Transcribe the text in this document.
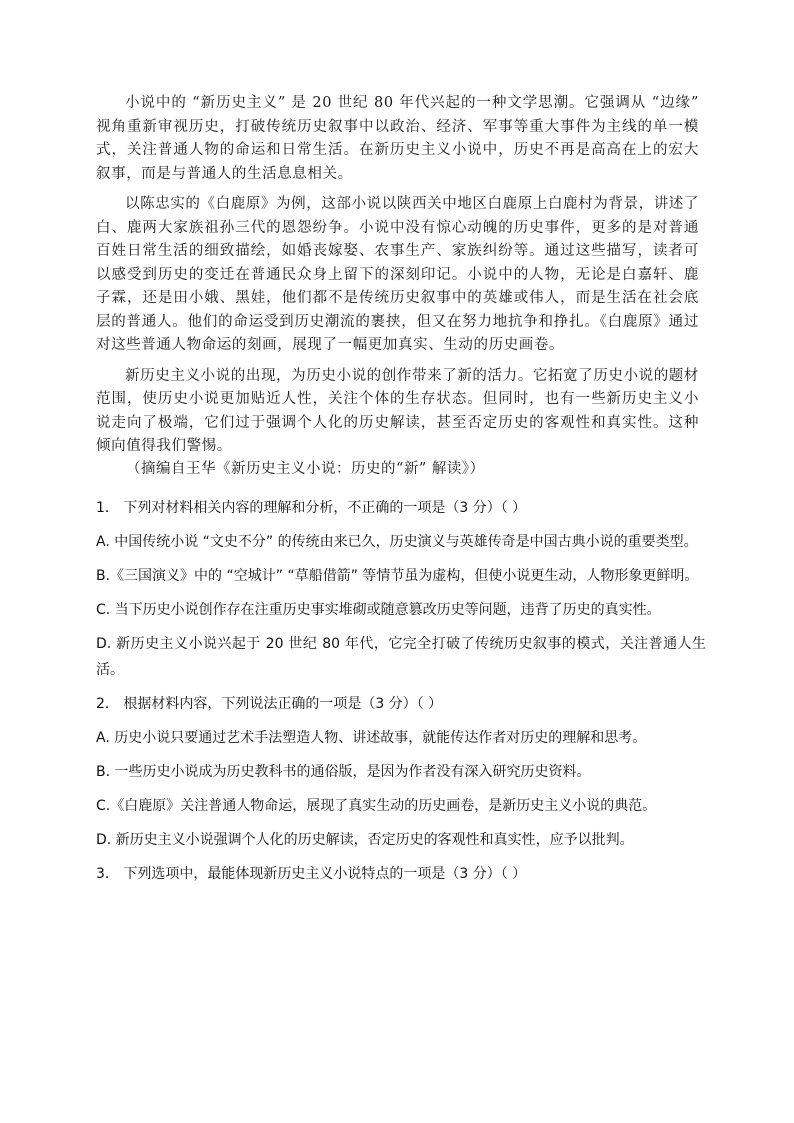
小说中的 “新历史主义” 是 20 世纪 80 年代兴起的一种文学思潮。它强调从 “边缘” 视角重新审视历史，打破传统历史叙事中以政治、经济、军事等重大事件为主线的单一模式，关注普通人物的命运和日常生活。在新历史主义小说中，历史不再是高高在上的宏大叙事，而是与普通人的生活息息相关。

以陈忠实的《白鹿原》为例，这部小说以陕西关中地区白鹿原上白鹿村为背景，讲述了白、鹿两大家族祖孙三代的恩怨纷争。小说中没有惊心动魄的历史事件，更多的是对普通百姓日常生活的细致描绘，如婚丧嫁娶、农事生产、家族纠纷等。通过这些描写，读者可以感受到历史的变迁在普通民众身上留下的深刻印记。小说中的人物，无论是白嘉轩、鹿子霖，还是田小娥、黑娃，他们都不是传统历史叙事中的英雄或伟人，而是生活在社会底层的普通人。他们的命运受到历史潮流的裹挟，但又在努力地抗争和挣扎。《白鹿原》通过对这些普通人物命运的刻画，展现了一幅更加真实、生动的历史画卷。

新历史主义小说的出现，为历史小说的创作带来了新的活力。它拓宽了历史小说的题材范围，使历史小说更加贴近人性，关注个体的生存状态。但同时，也有一些新历史主义小说走向了极端，它们过于强调个人化的历史解读，甚至否定历史的客观性和真实性。这种倾向值得我们警惕。

（摘编自王华《新历史主义小说：历史的“新” 解读》）

1． 下列对材料相关内容的理解和分析，不正确的一项是（3 分）（ ）

A. 中国传统小说 “文史不分” 的传统由来已久，历史演义与英雄传奇是中国古典小说的重要类型。

B.《三国演义》中的 “空城计” “草船借箭” 等情节虽为虚构，但使小说更生动，人物形象更鲜明。

C. 当下历史小说创作存在注重历史事实堆砌或随意篡改历史等问题，违背了历史的真实性。

D. 新历史主义小说兴起于 20 世纪 80 年代，它完全打破了传统历史叙事的模式，关注普通人生活。

2． 根据材料内容，下列说法正确的一项是（3 分）（ ）

A. 历史小说只要通过艺术手法塑造人物、讲述故事，就能传达作者对历史的理解和思考。

B. 一些历史小说成为历史教科书的通俗版，是因为作者没有深入研究历史资料。

C.《白鹿原》关注普通人物命运，展现了真实生动的历史画卷，是新历史主义小说的典范。

D. 新历史主义小说强调个人化的历史解读，否定历史的客观性和真实性，应予以批判。

3． 下列选项中，最能体现新历史主义小说特点的一项是（3 分）（ ）
